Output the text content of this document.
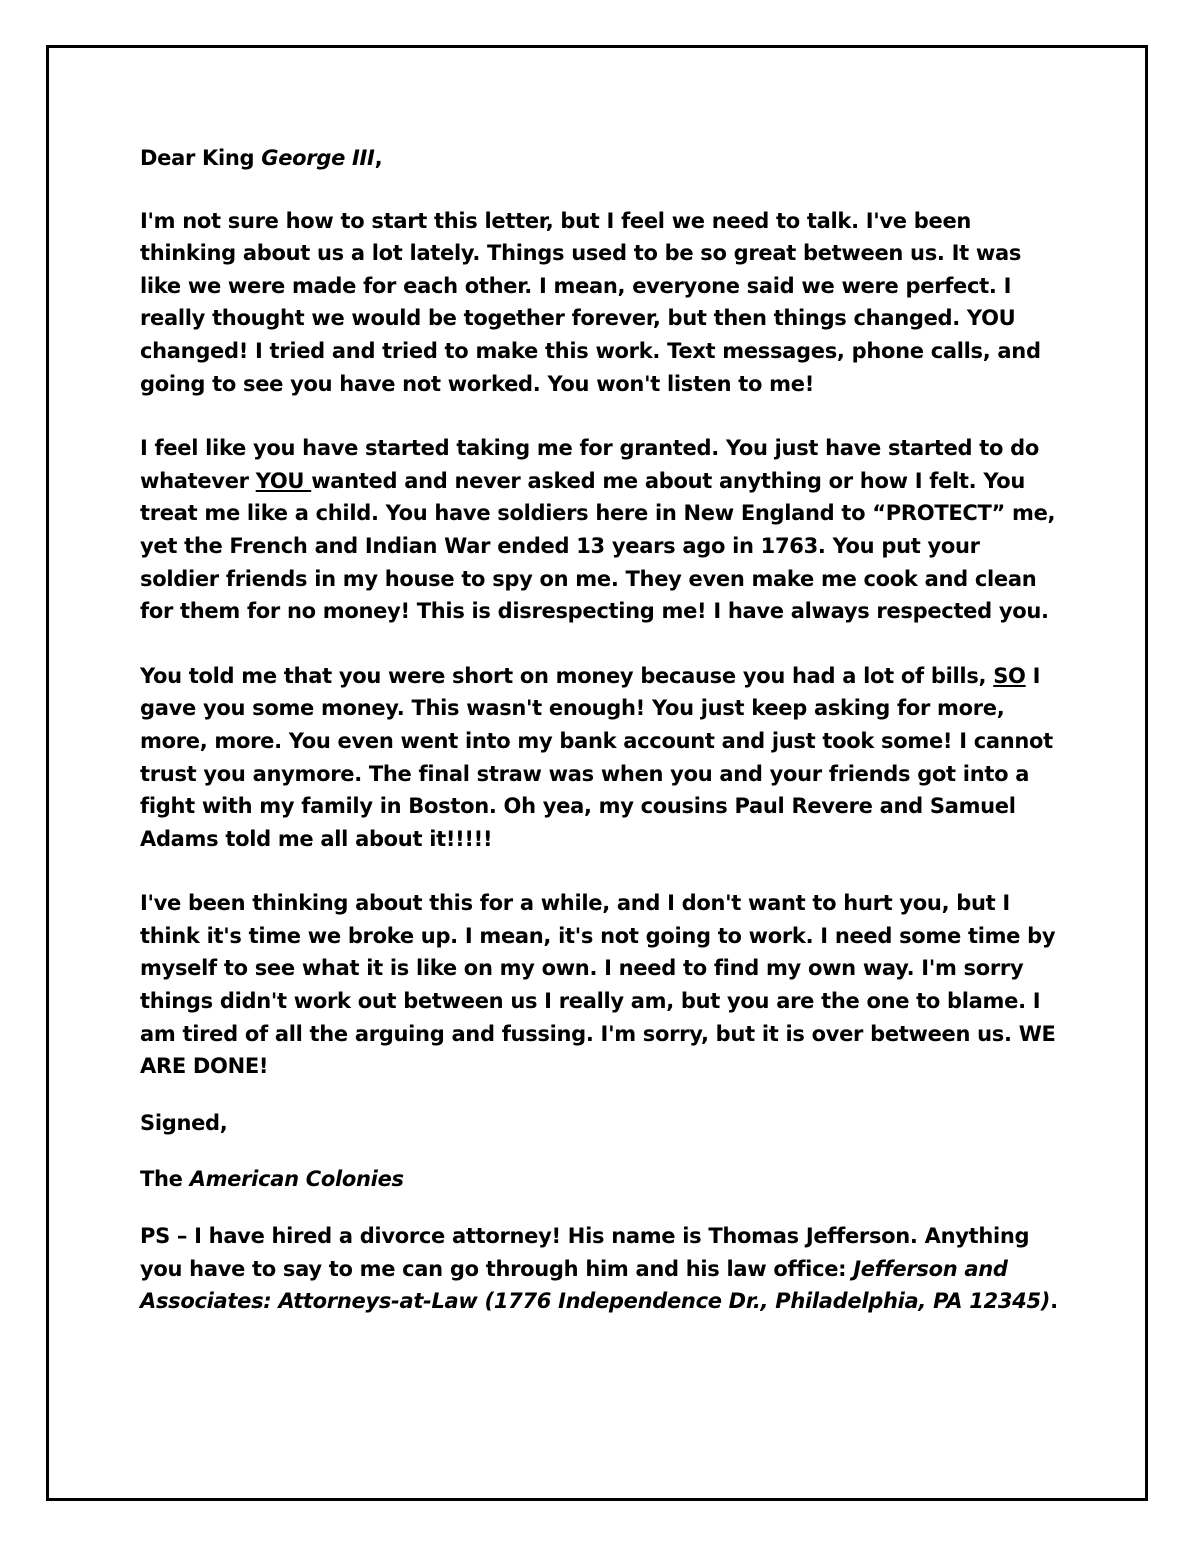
Dear King George III,

I'm not sure how to start this letter, but I feel we need to talk. I've been thinking about us a lot lately. Things used to be so great between us. It was like we were made for each other. I mean, everyone said we were perfect. I really thought we would be together forever, but then things changed. YOU changed! I tried and tried to make this work. Text messages, phone calls, and going to see you have not worked. You won't listen to me!

I feel like you have started taking me for granted. You just have started to do whatever YOU wanted and never asked me about anything or how I felt. You treat me like a child. You have soldiers here in New England to “PROTECT” me, yet the French and Indian War ended 13 years ago in 1763. You put your soldier friends in my house to spy on me. They even make me cook and clean for them for no money! This is disrespecting me! I have always respected you.

You told me that you were short on money because you had a lot of bills, SO I gave you some money. This wasn't enough! You just keep asking for more, more, more. You even went into my bank account and just took some! I cannot trust you anymore. The final straw was when you and your friends got into a fight with my family in Boston. Oh yea, my cousins Paul Revere and Samuel Adams told me all about it!!!!!

I've been thinking about this for a while, and I don't want to hurt you, but I think it's time we broke up. I mean, it's not going to work. I need some time by myself to see what it is like on my own. I need to find my own way. I'm sorry things didn't work out between us I really am, but you are the one to blame. I am tired of all the arguing and fussing. I'm sorry, but it is over between us. WE ARE DONE!

Signed,

The American Colonies

PS – I have hired a divorce attorney! His name is Thomas Jefferson. Anything you have to say to me can go through him and his law office: Jefferson and Associates: Attorneys-at-Law (1776 Independence Dr., Philadelphia, PA 12345).
